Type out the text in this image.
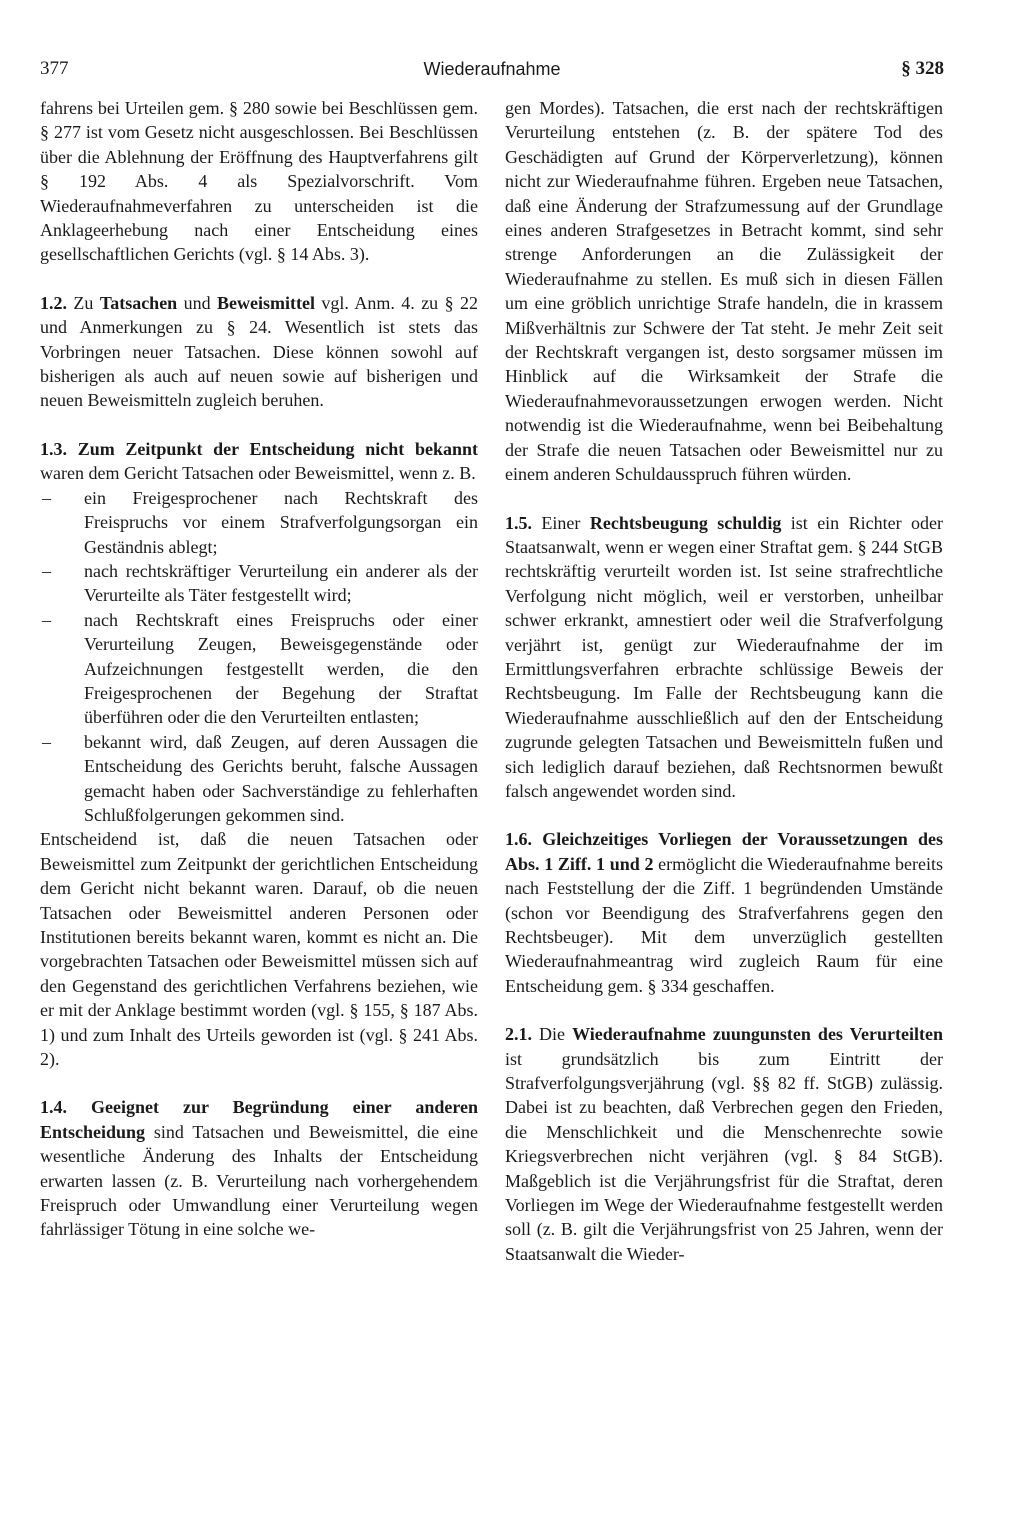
377	Wiederaufnahme	§ 328

fahrens bei Urteilen gem. § 280 sowie bei Beschlüssen gem. § 277 ist vom Gesetz nicht ausgeschlossen. Bei Beschlüssen über die Ablehnung der Eröffnung des Hauptverfahrens gilt § 192 Abs. 4 als Spezialvorschrift. Vom Wiederaufnahmeverfahren zu unterscheiden ist die Anklageerhebung nach einer Entscheidung eines gesellschaftlichen Gerichts (vgl. § 14 Abs. 3).

1.2. Zu Tatsachen und Beweismittel vgl. Anm. 4. zu § 22 und Anmerkungen zu § 24. Wesentlich ist stets das Vorbringen neuer Tatsachen. Diese können sowohl auf bisherigen als auch auf neuen sowie auf bisherigen und neuen Beweismitteln zugleich beruhen.

1.3. Zum Zeitpunkt der Entscheidung nicht bekannt waren dem Gericht Tatsachen oder Beweismittel, wenn z. B.

– ein Freigesprochener nach Rechtskraft des Freispruchs vor einem Strafverfolgungsorgan ein Geständnis ablegt;

– nach rechtskräftiger Verurteilung ein anderer als der Verurteilte als Täter festgestellt wird;

– nach Rechtskraft eines Freispruchs oder einer Verurteilung Zeugen, Beweisgegenstände oder Aufzeichnungen festgestellt werden, die den Freigesprochenen der Begehung der Straftat überführen oder die den Verurteilten entlasten;

– bekannt wird, daß Zeugen, auf deren Aussagen die Entscheidung des Gerichts beruht, falsche Aussagen gemacht haben oder Sachverständige zu fehlerhaften Schlußfolgerungen gekommen sind.

Entscheidend ist, daß die neuen Tatsachen oder Beweismittel zum Zeitpunkt der gerichtlichen Entscheidung dem Gericht nicht bekannt waren. Darauf, ob die neuen Tatsachen oder Beweismittel anderen Personen oder Institutionen bereits bekannt waren, kommt es nicht an. Die vorgebrachten Tatsachen oder Beweismittel müssen sich auf den Gegenstand des gerichtlichen Verfahrens beziehen, wie er mit der Anklage bestimmt worden (vgl. § 155, § 187 Abs. 1) und zum Inhalt des Urteils geworden ist (vgl. § 241 Abs. 2).

1.4. Geeignet zur Begründung einer anderen Entscheidung sind Tatsachen und Beweismittel, die eine wesentliche Änderung des Inhalts der Entscheidung erwarten lassen (z. B. Verurteilung nach vorhergehendem Freispruch oder Umwandlung einer Verurteilung wegen fahrlässiger Tötung in eine solche we-

gen Mordes). Tatsachen, die erst nach der rechtskräftigen Verurteilung entstehen (z. B. der spätere Tod des Geschädigten auf Grund der Körperverletzung), können nicht zur Wiederaufnahme führen. Ergeben neue Tatsachen, daß eine Änderung der Strafzumessung auf der Grundlage eines anderen Strafgesetzes in Betracht kommt, sind sehr strenge Anforderungen an die Zulässigkeit der Wiederaufnahme zu stellen. Es muß sich in diesen Fällen um eine gröblich unrichtige Strafe handeln, die in krassem Mißverhältnis zur Schwere der Tat steht. Je mehr Zeit seit der Rechtskraft vergangen ist, desto sorgsamer müssen im Hinblick auf die Wirksamkeit der Strafe die Wiederaufnahmevoraussetzungen erwogen werden. Nicht notwendig ist die Wiederaufnahme, wenn bei Beibehaltung der Strafe die neuen Tatsachen oder Beweismittel nur zu einem anderen Schuldausspruch führen würden.

1.5. Einer Rechtsbeugung schuldig ist ein Richter oder Staatsanwalt, wenn er wegen einer Straftat gem. § 244 StGB rechtskräftig verurteilt worden ist. Ist seine strafrechtliche Verfolgung nicht möglich, weil er verstorben, unheilbar schwer erkrankt, amnestiert oder weil die Strafverfolgung verjährt ist, genügt zur Wiederaufnahme der im Ermittlungsverfahren erbrachte schlüssige Beweis der Rechtsbeugung. Im Falle der Rechtsbeugung kann die Wiederaufnahme ausschließlich auf den der Entscheidung zugrunde gelegten Tatsachen und Beweismitteln fußen und sich lediglich darauf beziehen, daß Rechtsnormen bewußt falsch angewendet worden sind.

1.6. Gleichzeitiges Vorliegen der Voraussetzungen des Abs. 1 Ziff. 1 und 2 ermöglicht die Wiederaufnahme bereits nach Feststellung der die Ziff. 1 begründenden Umstände (schon vor Beendigung des Strafverfahrens gegen den Rechtsbeuger). Mit dem unverzüglich gestellten Wiederaufnahmeantrag wird zugleich Raum für eine Entscheidung gem. § 334 geschaffen.

2.1. Die Wiederaufnahme zuungunsten des Verurteilten ist grundsätzlich bis zum Eintritt der Strafverfolgungsverjährung (vgl. §§ 82 ff. StGB) zulässig. Dabei ist zu beachten, daß Verbrechen gegen den Frieden, die Menschlichkeit und die Menschenrechte sowie Kriegsverbrechen nicht verjähren (vgl. § 84 StGB). Maßgeblich ist die Verjährungsfrist für die Straftat, deren Vorliegen im Wege der Wiederaufnahme festgestellt werden soll (z. B. gilt die Verjährungsfrist von 25 Jahren, wenn der Staatsanwalt die Wieder-
